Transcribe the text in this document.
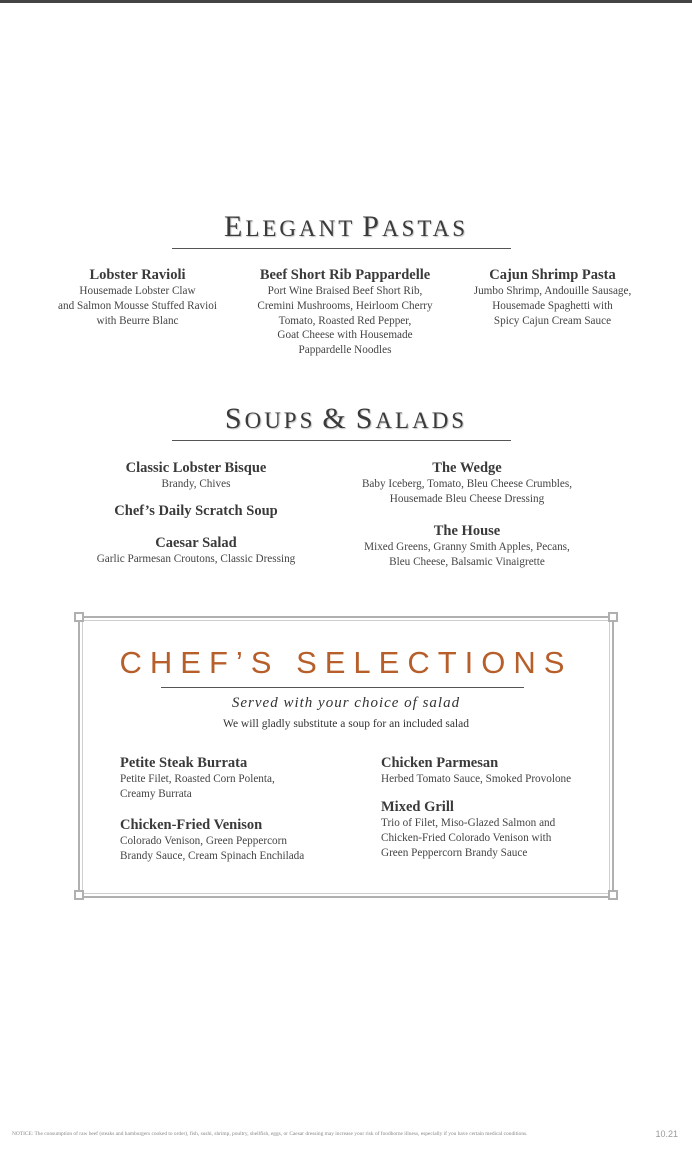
ELEGANT PASTAS
Lobster Ravioli
Housemade Lobster Claw
and Salmon Mousse Stuffed Ravioi
with Beurre Blanc
Beef Short Rib Pappardelle
Port Wine Braised Beef Short Rib,
Cremini Mushrooms, Heirloom Cherry
Tomato, Roasted Red Pepper,
Goat Cheese with Housemade
Pappardelle Noodles
Cajun Shrimp Pasta
Jumbo Shrimp, Andouille Sausage,
Housemade Spaghetti with
Spicy Cajun Cream Sauce
SOUPS & SALADS
Classic Lobster Bisque
Brandy, Chives
Chef’s Daily Scratch Soup
Caesar Salad
Garlic Parmesan Croutons, Classic Dressing
The Wedge
Baby Iceberg, Tomato, Bleu Cheese Crumbles,
Housemade Bleu Cheese Dressing
The House
Mixed Greens, Granny Smith Apples, Pecans,
Bleu Cheese, Balsamic Vinaigrette
CHEF’S SELECTIONS
Served with your choice of salad
We will gladly substitute a soup for an included salad
Petite Steak Burrata
Petite Filet, Roasted Corn Polenta,
Creamy Burrata
Chicken-Fried Venison
Colorado Venison, Green Peppercorn
Brandy Sauce, Cream Spinach Enchilada
Chicken Parmesan
Herbed Tomato Sauce, Smoked Provolone
Mixed Grill
Trio of Filet, Miso-Glazed Salmon and
Chicken-Fried Colorado Venison with
Green Peppercorn Brandy Sauce
NOTICE: The consumption of raw beef (steaks and hamburgers cooked to order), fish, sushi, shrimp, poultry, shellfish, eggs, or Caesar dressing may increase your risk of foodborne illness, especially if you have certain medical conditions.	10.21
